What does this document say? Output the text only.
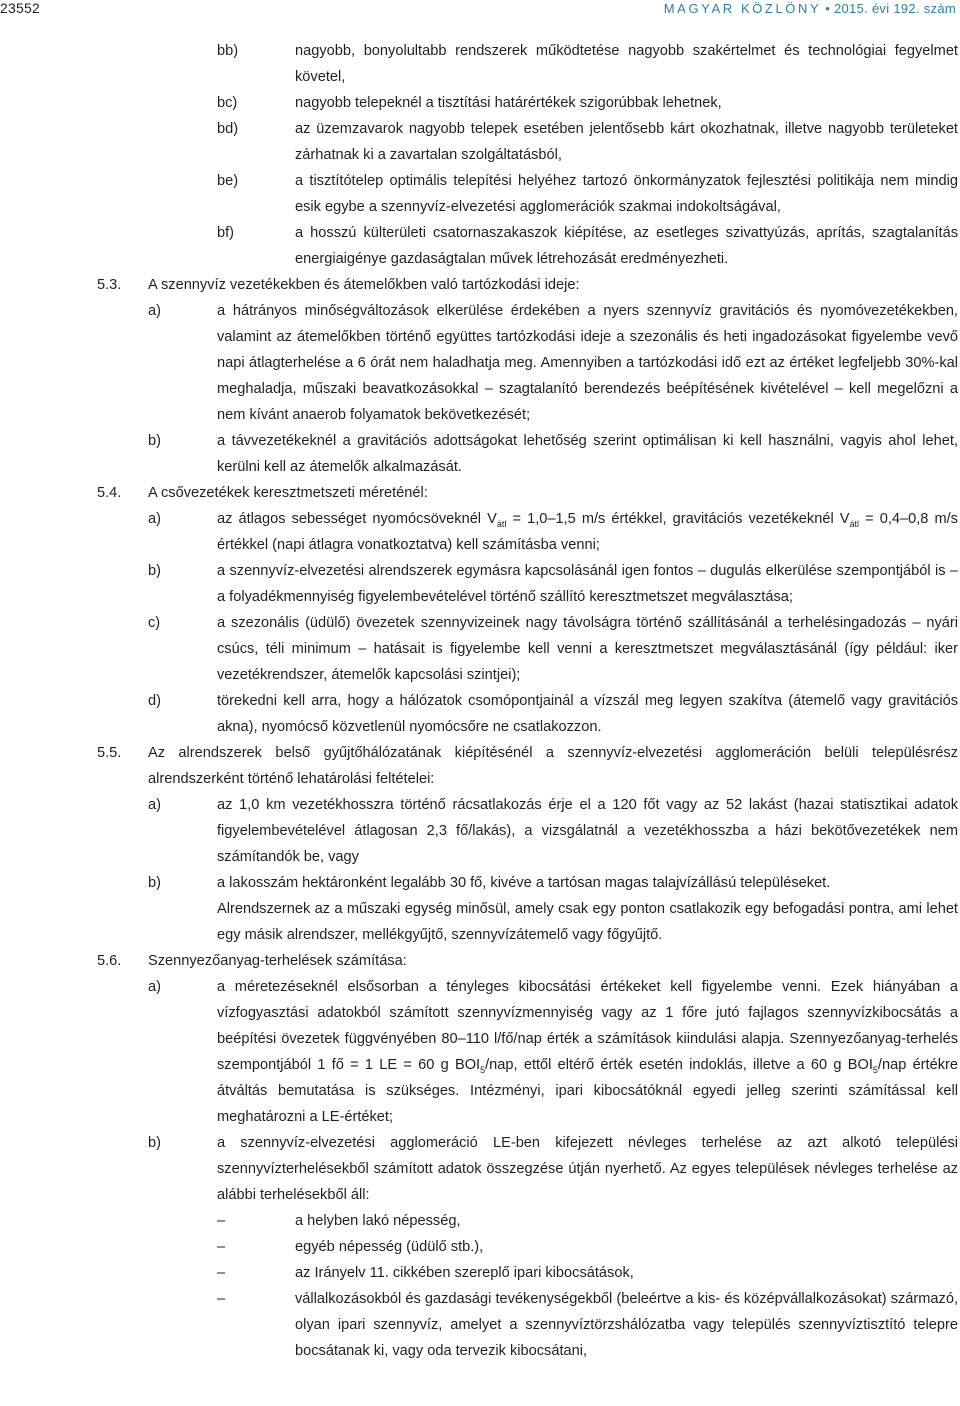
23552	MAGYAR KÖZLÖNY • 2015. évi 192. szám
bb)	nagyobb, bonyolultabb rendszerek működtetése nagyobb szakértelmet és technológiai fegyelmet követel,
bc)	nagyobb telepeknél a tisztítási határértékek szigorúbbak lehetnek,
bd)	az üzemzavarok nagyobb telepek esetében jelentősebb kárt okozhatnak, illetve nagyobb területeket zárhatnak ki a zavartalan szolgáltatásból,
be)	a tisztítótelep optimális telepítési helyéhez tartozó önkormányzatok fejlesztési politikája nem mindig esik egybe a szennyvíz-elvezetési agglomerációk szakmai indokoltságával,
bf)	a hosszú külterületi csatornaszakaszok kiépítése, az esetleges szivattyúzás, aprítás, szagtalanítás energiaigénye gazdaságtalan művek létrehozását eredményezheti.
5.3. A szennyvíz vezetékekben és átemelőkben való tartózkodási ideje:
a)	a hátrányos minőségváltozások elkerülése érdekében a nyers szennyvíz gravitációs és nyomóvezetékekben, valamint az átemelőkben történő együttes tartózkodási ideje a szezonális és heti ingadozásokat figyelembe vevő napi átlagterhelése a 6 órát nem haladhatja meg. Amennyiben a tartózkodási idő ezt az értéket legfeljebb 30%-kal meghaladja, műszaki beavatkozásokkal – szagtalanító berendezés beépítésének kivételével – kell megelőzni a nem kívánt anaerob folyamatok bekövetkezését;
b)	a távvezetékeknél a gravitációs adottságokat lehetőség szerint optimálisan ki kell használni, vagyis ahol lehet, kerülni kell az átemelők alkalmazását.
5.4. A csővezetékek keresztmetszeti méreténél:
a)	az átlagos sebességet nyomócsöveknél $V_{átl} = 1,0-1,5$ m/s értékkel, gravitációs vezetékeknél $V_{átl} = 0,4-0,8$ m/s értékkel (napi átlagra vonatkoztatva) kell számításba venni;
b)	a szennyvíz-elvezetési alrendszerek egymásra kapcsolásánál igen fontos – dugulás elkerülése szempontjából is – a folyadékmennyiség figyelembevételével történő szállító keresztmetszet megválasztása;
c)	a szezonális (üdülő) övezetek szennyvizeinek nagy távolságra történő szállításánál a terhelésingadozás – nyári csúcs, téli minimum – hatásait is figyelembe kell venni a keresztmetszet megválasztásánál (így például: iker vezetékrendszer, átemelők kapcsolási szintjei);
d)	törekedni kell arra, hogy a hálózatok csomópontjainál a vízszál meg legyen szakítva (átemelő vagy gravitációs akna), nyomócső közvetlenül nyomócsőre ne csatlakozzon.
5.5. Az alrendszerek belső gyűjtőhálózatának kiépítésénél a szennyvíz-elvezetési agglomeráción belüli településrész alrendszerként történő lehatárolási feltételei:
a)	az 1,0 km vezetékhosszra történő rácsatlakozás érje el a 120 főt vagy az 52 lakást (hazai statisztikai adatok figyelembevételével átlagosan 2,3 fő/lakás), a vizsgálatnál a vezetékhosszba a házi bekötővezetékek nem számítandók be, vagy
b)	a lakosszám hektáronként legalább 30 fő, kivéve a tartósan magas talajvízállású településeket.
Alrendszernek az a műszaki egység minősül, amely csak egy ponton csatlakozik egy befogadási pontra, ami lehet egy másik alrendszer, mellékgyűjtő, szennyvízátemelő vagy főgyűjtő.
5.6. Szennyezőanyag-terhelések számítása:
a)	a méretezéseknél elsősorban a tényleges kibocsátási értékeket kell figyelembe venni. Ezek hiányában a vízfogyasztási adatokból számított szennyvízmennyiség vagy az 1 főre jutó fajlagos szennyvízkibocsátás a beépítési övezetek függvényében 80–110 l/fő/nap érték a számítások kiindulási alapja. Szennyezőanyag-terhelés szempontjából 1 fő = 1 LE = 60 g $BOI_5$/nap, ettől eltérő érték esetén indoklás, illetve a 60 g $BOI_5$/nap értékre átváltás bemutatása is szükséges. Intézményi, ipari kibocsátóknál egyedi jelleg szerinti számítással kell meghatározni a LE-értéket;
b)	a szennyvíz-elvezetési agglomeráció LE-ben kifejezett névleges terhelése az azt alkotó települési szennyvízterhelésekből számított adatok összegzése útján nyerhető. Az egyes települések névleges terhelése az alábbi terhelésekből áll:
–	a helyben lakó népesség,
–	egyéb népesség (üdülő stb.),
–	az Irányelv 11. cikkében szereplő ipari kibocsátások,
–	vállalkozásokból és gazdasági tevékenységekből (beleértve a kis- és középvállalkozásokat) származó, olyan ipari szennyvíz, amelyet a szennyvíztörzshálózatba vagy település szennyvíztisztító telepre bocsátanak ki, vagy oda tervezik kibocsátani,
